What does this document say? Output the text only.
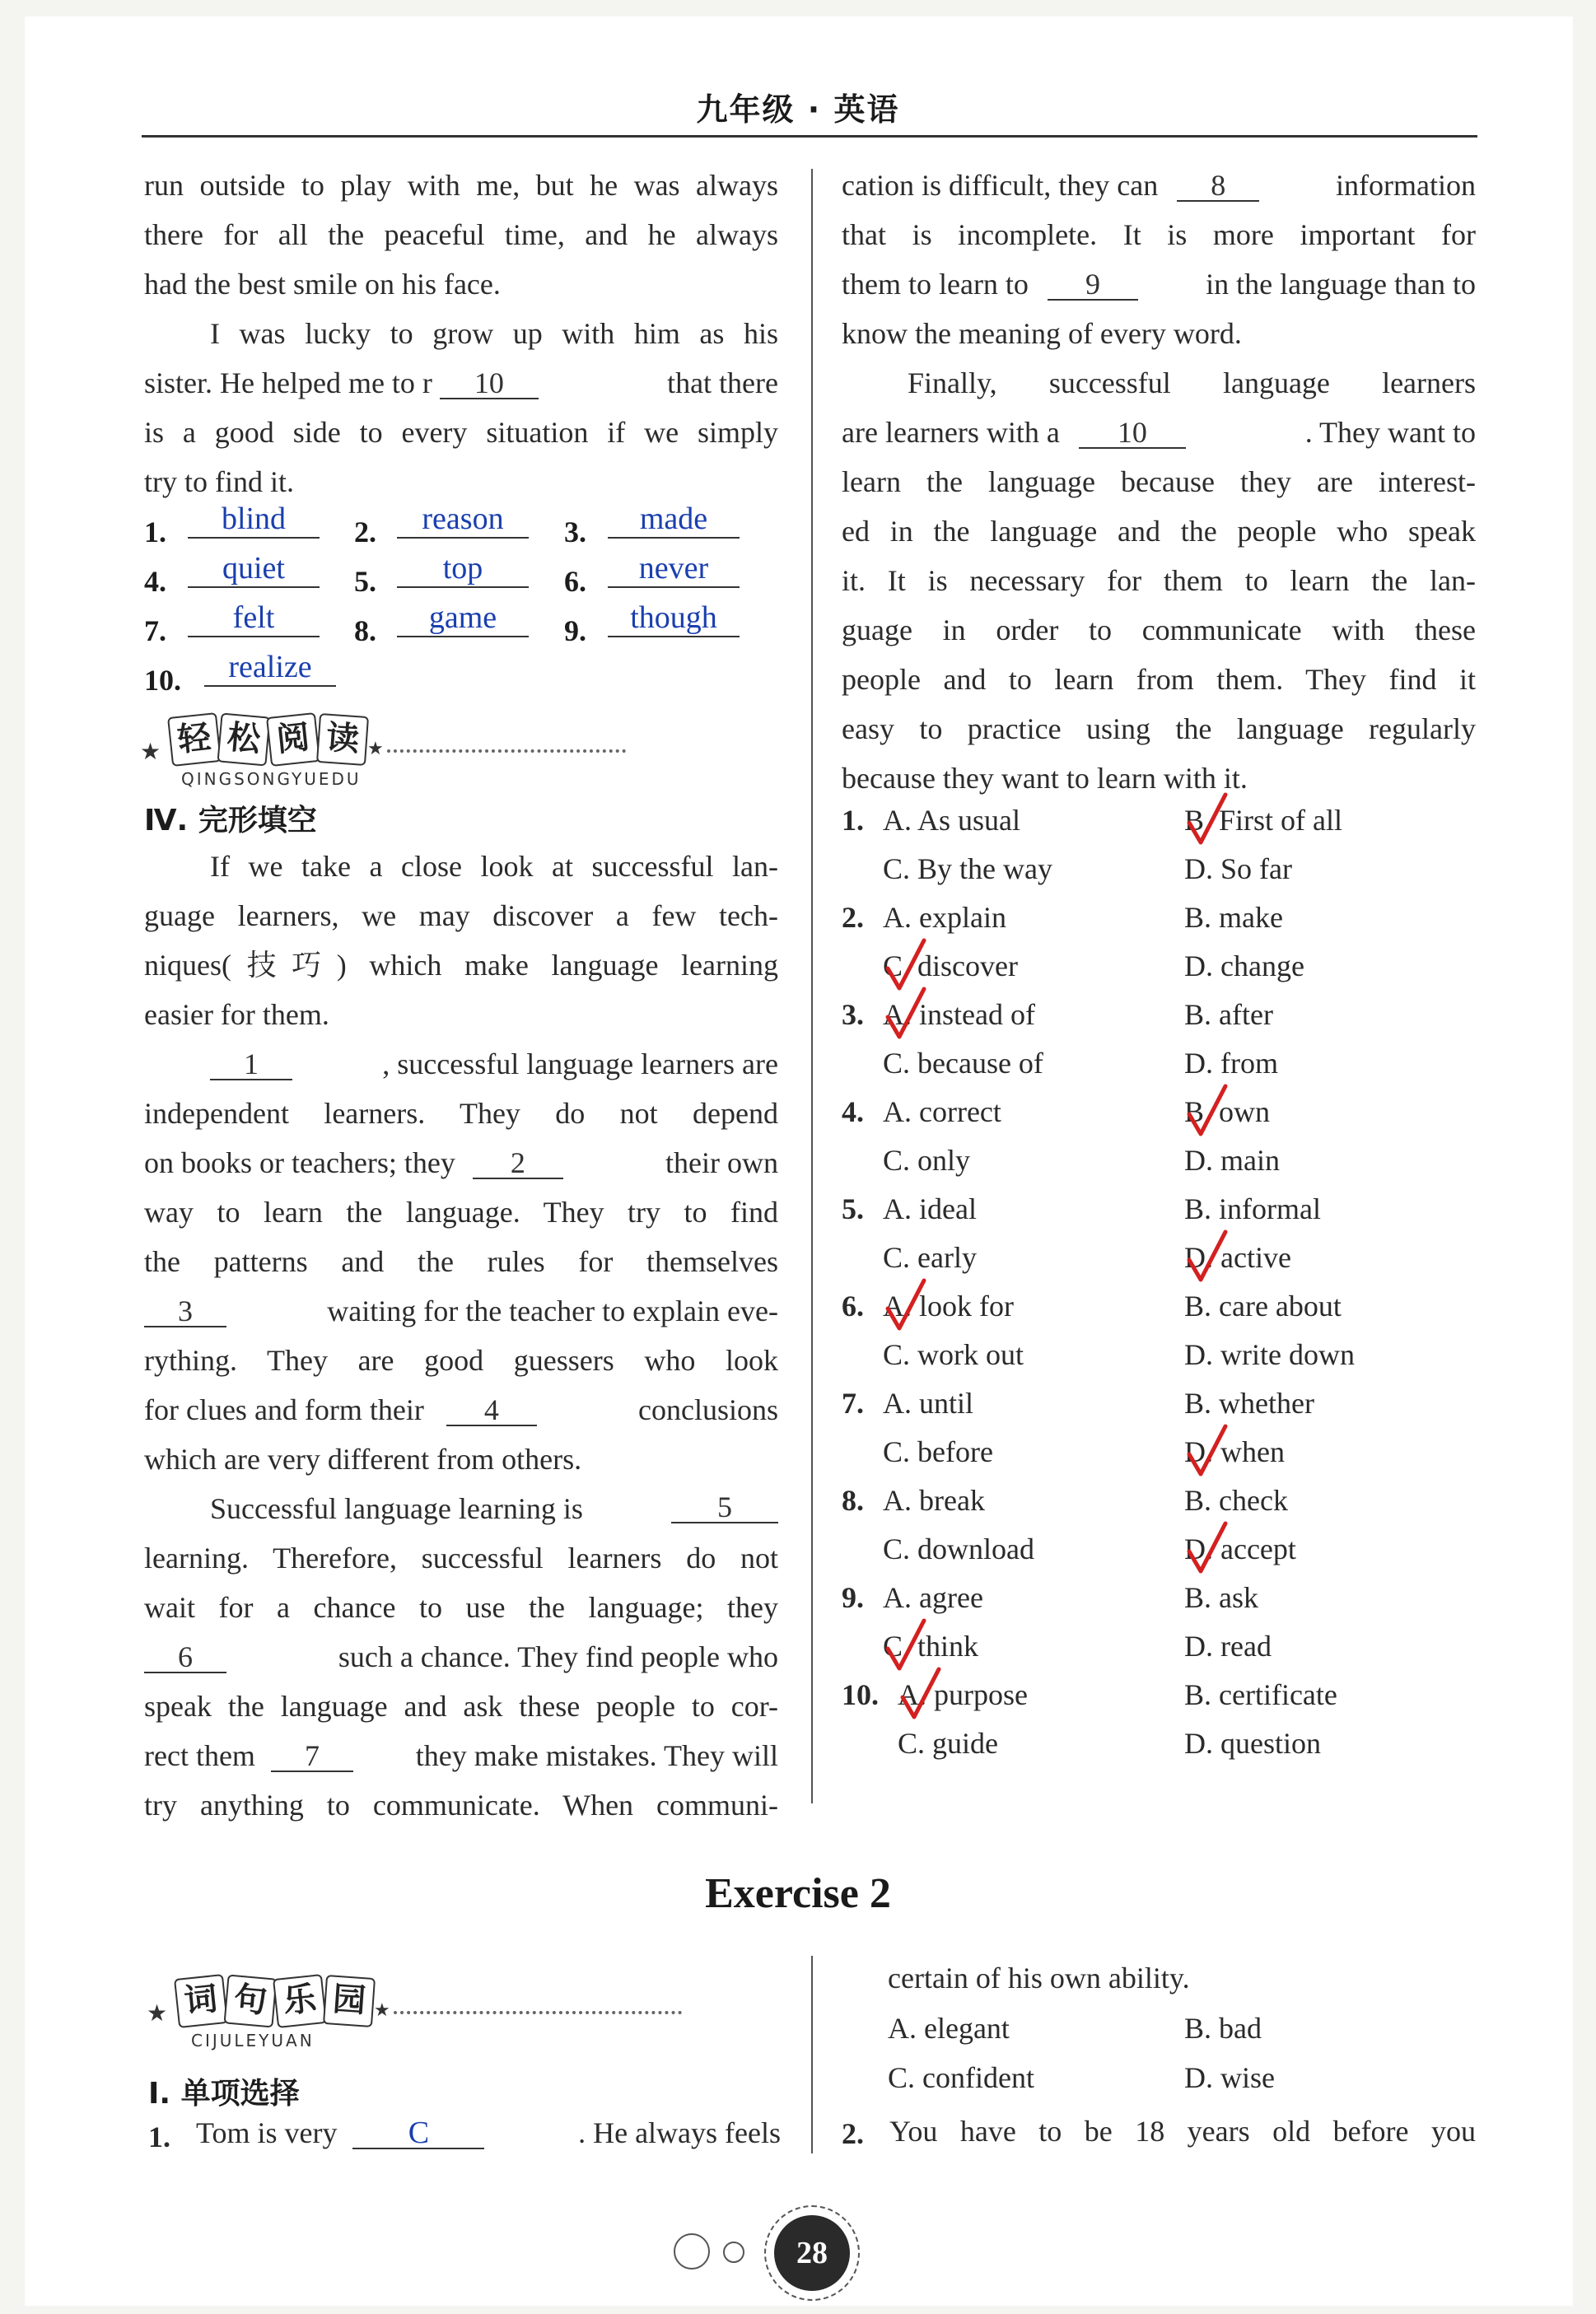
九年级 · 英语
run outside to play with me, but he was always
there for all the peaceful time, and he always
had the best smile on his face.
I was lucky to grow up with him as his
sister. He helped me to r 10	that there
is a good side to every situation if we simply
try to find it.
1.	blind	2.	reason	3.	made
4.	quiet	5.	top	6.	never
7.	felt	8.	game	9.	though
10.	realize
★ 轻 松 阅 读 ★
QINGSONGYUEDU
Ⅳ. 完形填空
If we take a close look at successful lan-
guage learners, we may discover a few tech-
niques(技巧) which make language learning
easier for them.
1	, successful language learners are
independent learners. They do not depend
on books or teachers; they 2	their own
way to learn the language. They try to find
the patterns and the rules for themselves
3	waiting for the teacher to explain eve-
rything. They are good guessers who look
for clues and form their 4	conclusions
which are very different from others.
Successful language learning is	5
learning. Therefore, successful learners do not
wait for a chance to use the language; they
6	such a chance. They find people who
speak the language and ask these people to cor-
rect them 7	they make mistakes. They will
try anything to communicate. When communi-
cation is difficult, they can 8	information
that is incomplete. It is more important for
them to learn to 9	in the language than to
know the meaning of every word.
Finally, successful language learners
are learners with a 10	. They want to
learn the language because they are interest-
ed in the language and the people who speak
it. It is necessary for them to learn the lan-
guage in order to communicate with these
people and to learn from them. They find it
easy to practice using the language regularly
because they want to learn with it.
1. A. As usual	B. First of all
C. By the way	D. So far
2. A. explain	B. make
C. discover	D. change
3. A. instead of	B. after
C. because of	D. from
4. A. correct	B. own
C. only	D. main
5. A. ideal	B. informal
C. early	D. active
6. A. look for	B. care about
C. work out	D. write down
7. A. until	B. whether
C. before	D. when
8. A. break	B. check
C. download	D. accept
9. A. agree	B. ask
C. think	D. read
10. A. purpose	B. certificate
C. guide	D. question
Exercise 2
★ 词 句 乐 园 ★
CIJULEYUAN
Ⅰ. 单项选择
1. Tom is very C	. He always feels
certain of his own ability.
A. elegant	B. bad
C. confident	D. wise
2. You have to be 18 years old before you
28
